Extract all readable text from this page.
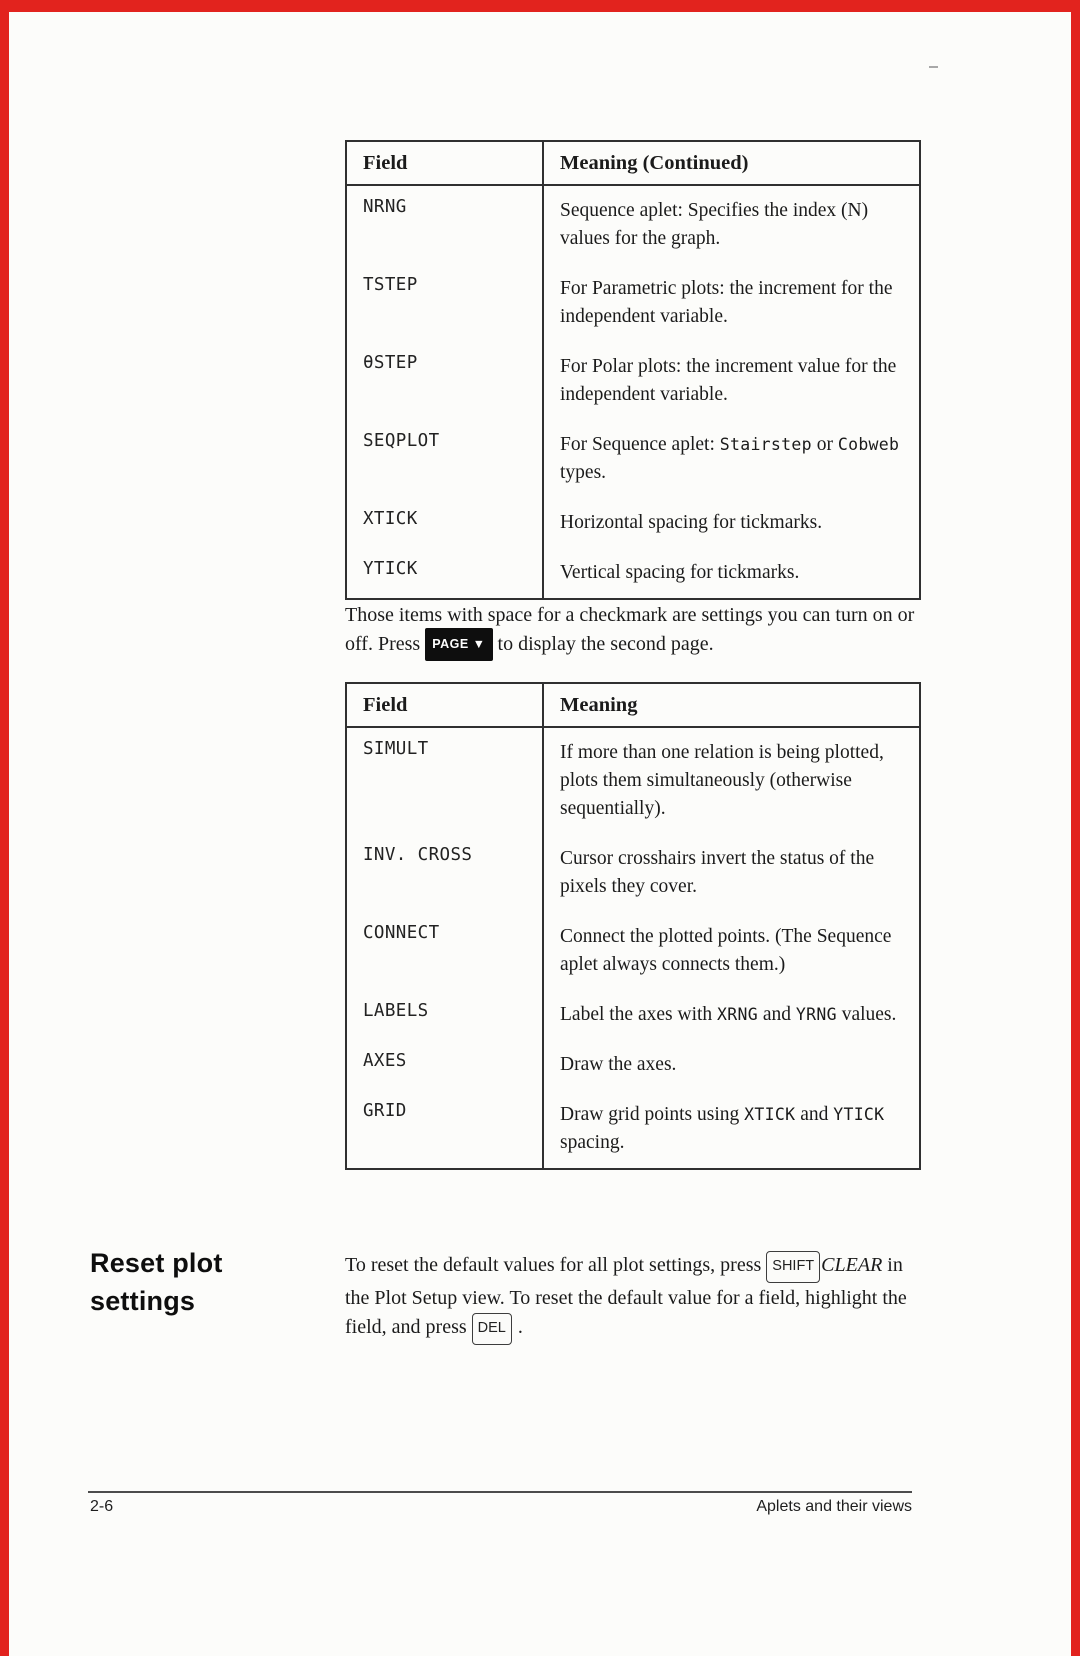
Field	Meaning (Continued)
NRNG	Sequence aplet: Specifies the index (N) values for the graph.
TSTEP	For Parametric plots: the increment for the independent variable.
θSTEP	For Polar plots: the increment value for the independent variable.
SEQPLOT	For Sequence aplet: Stairstep or Cobweb types.
XTICK	Horizontal spacing for tickmarks.
YTICK	Vertical spacing for tickmarks.

Those items with space for a checkmark are settings you can turn on or off. Press PAGE ▼ to display the second page.

Field	Meaning
SIMULT	If more than one relation is being plotted, plots them simultaneously (otherwise sequentially).
INV. CROSS	Cursor crosshairs invert the status of the pixels they cover.
CONNECT	Connect the plotted points. (The Sequence aplet always connects them.)
LABELS	Label the axes with XRNG and YRNG values.
AXES	Draw the axes.
GRID	Draw grid points using XTICK and YTICK spacing.
Reset plot
settings

To reset the default values for all plot settings, press SHIFT CLEAR in the Plot Setup view. To reset the default value for a field, highlight the field, and press DEL .

2-6	Aplets and their views
